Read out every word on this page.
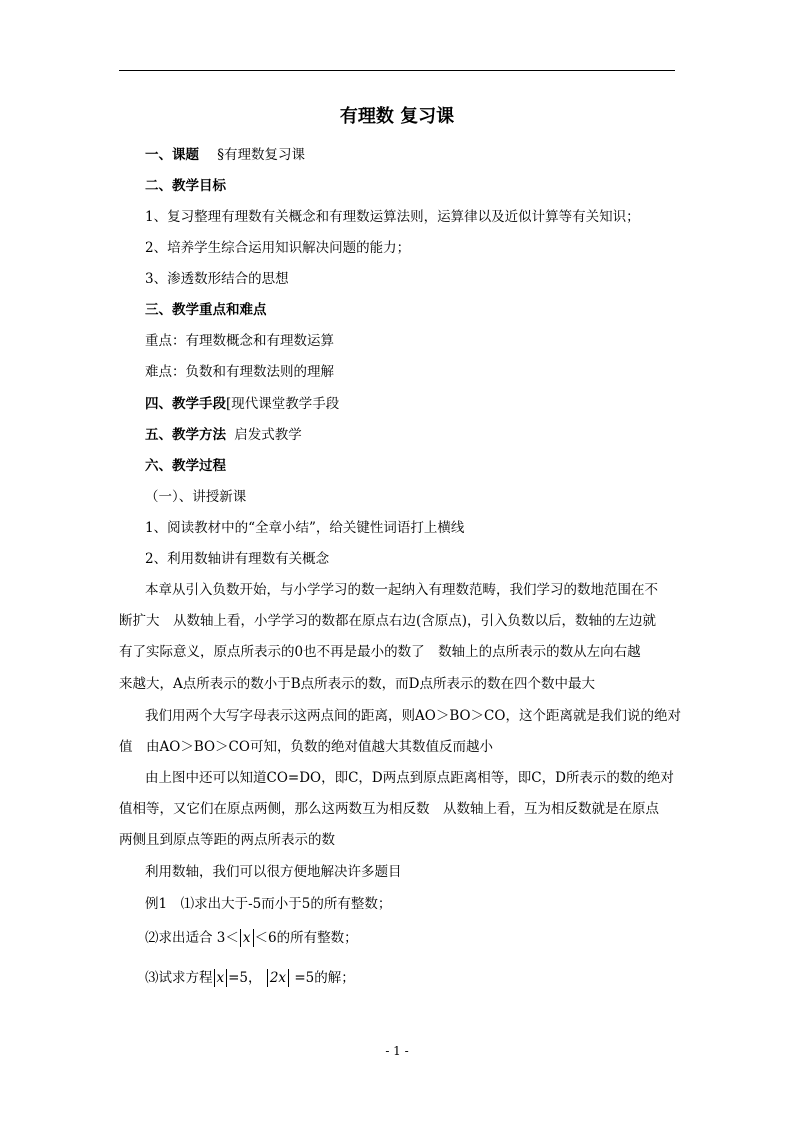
有理数 复习课
一、课题 §有理数复习课
二、教学目标
1、复习整理有理数有关概念和有理数运算法则，运算律以及近似计算等有关知识；
2、培养学生综合运用知识解决问题的能力；
3、渗透数形结合的思想
三、教学重点和难点
重点：有理数概念和有理数运算
难点：负数和有理数法则的理解
四、教学手段[现代课堂教学手段
五、教学方法 启发式教学
六、教学过程
（一）、讲授新课
1、阅读教材中的“全章小结”，给关键性词语打上横线
2、利用数轴讲有理数有关概念
本章从引入负数开始，与小学学习的数一起纳入有理数范畴，我们学习的数地范围在不
断扩大　从数轴上看，小学学习的数都在原点右边(含原点)，引入负数以后，数轴的左边就
有了实际意义，原点所表示的0也不再是最小的数了　数轴上的点所表示的数从左向右越
来越大，A点所表示的数小于B点所表示的数，而D点所表示的数在四个数中最大
我们用两个大写字母表示这两点间的距离，则AO＞BO＞CO，这个距离就是我们说的绝对
值　由AO＞BO＞CO可知，负数的绝对值越大其数值反而越小
由上图中还可以知道CO=DO，即C，D两点到原点距离相等，即C，D所表示的数的绝对
值相等，又它们在原点两侧，那么这两数互为相反数　从数轴上看，互为相反数就是在原点
两侧且到原点等距的两点所表示的数
利用数轴，我们可以很方便地解决许多题目
例1　⑴求出大于-5而小于5的所有整数；
⑵求出适合 3＜ x ＜6的所有整数；
⑶试求方程 x =5， 2x =5的解；
- 1 -
